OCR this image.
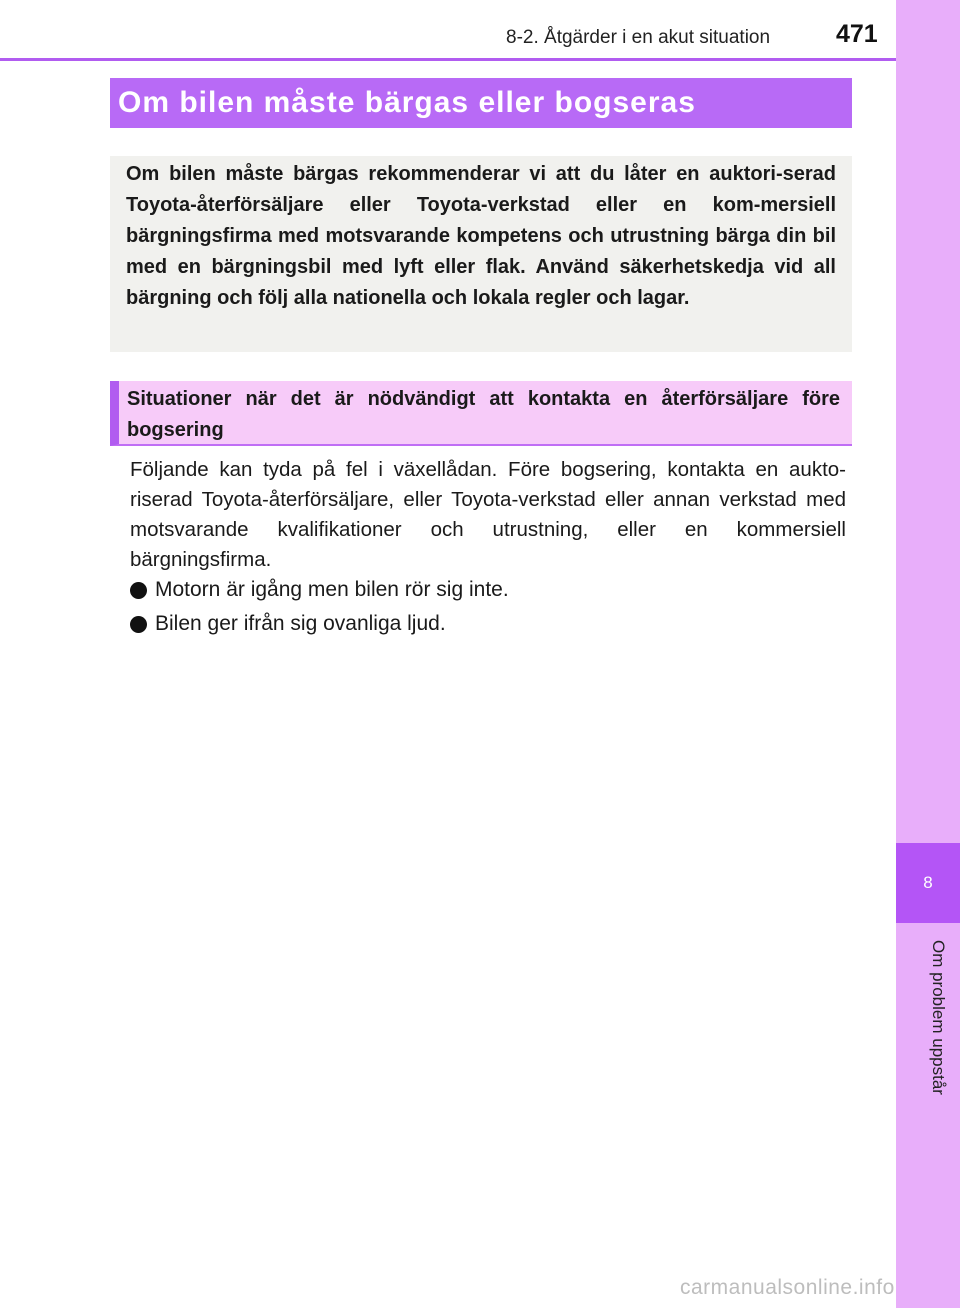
8-2. Åtgärder i en akut situation	471
8
Om problem uppstår
Om bilen måste bärgas eller bogseras

Om bilen måste bärgas rekommenderar vi att du låter en auktori-serad Toyota-återförsäljare eller Toyota-verkstad eller en kom-mersiell bärgningsfirma med motsvarande kompetens och utrustning bärga din bil med en bärgningsbil med lyft eller flak. Använd säkerhetskedja vid all bärgning och följ alla nationella och lokala regler och lagar.

Situationer när det är nödvändigt att kontakta en återförsäljare före bogsering

Följande kan tyda på fel i växellådan. Före bogsering, kontakta en aukto-riserad Toyota-återförsäljare, eller Toyota-verkstad eller annan verkstad med motsvarande kvalifikationer och utrustning, eller en kommersiell bärgningsfirma.

Motorn är igång men bilen rör sig inte.
Bilen ger ifrån sig ovanliga ljud.
carmanualsonline.info
